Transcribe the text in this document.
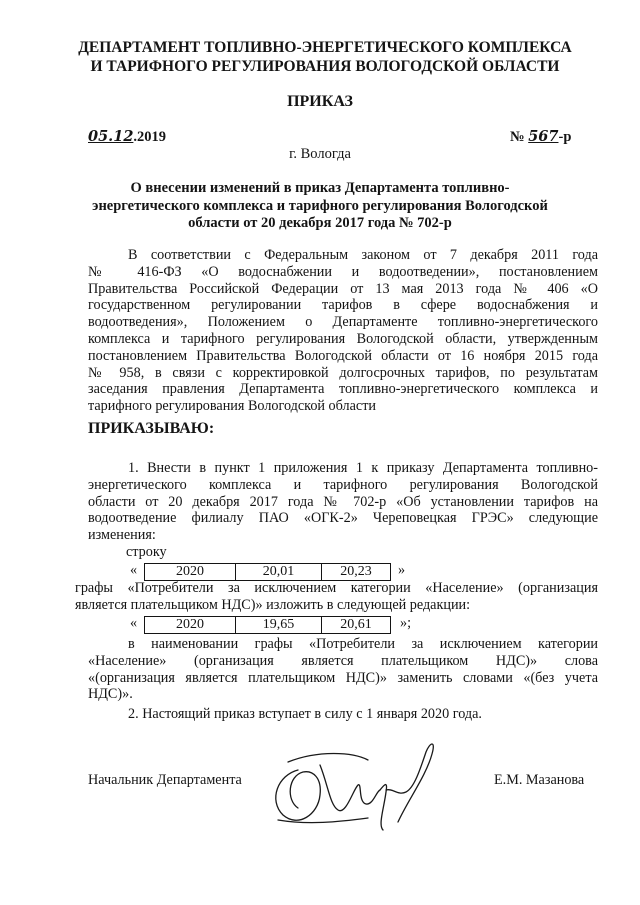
ДЕПАРТАМЕНТ ТОПЛИВНО-ЭНЕРГЕТИЧЕСКОГО КОМПЛЕКСА
И ТАРИФНОГО РЕГУЛИРОВАНИЯ ВОЛОГОДСКОЙ ОБЛАСТИ
ПРИКАЗ
05.12.2019	№ 567-р
г. Вологда
О внесении изменений в приказ Департамента топливно-
энергетического комплекса и тарифного регулирования Вологодской
области от 20 декабря 2017 года № 702-р
В соответствии с Федеральным законом от 7 декабря 2011 года
№ 416-ФЗ «О водоснабжении и водоотведении», постановлением
Правительства Российской Федерации от 13 мая 2013 года № 406 «О
государственном регулировании тарифов в сфере водоснабжения и
водоотведения», Положением о Департаменте топливно-энергетического
комплекса и тарифного регулирования Вологодской области, утвержденным
постановлением Правительства Вологодской области от 16 ноября 2015 года
№ 958, в связи с корректировкой долгосрочных тарифов, по результатам
заседания правления Департамента топливно-энергетического комплекса и
тарифного регулирования Вологодской области
ПРИКАЗЫВАЮ:
1. Внести в пункт 1 приложения 1 к приказу Департамента топливно-
энергетического комплекса и тарифного регулирования Вологодской
области от 20 декабря 2017 года № 702-р «Об установлении тарифов на
водоотведение филиалу ПАО «ОГК-2» Череповецкая ГРЭС» следующие
изменения:
строку
«	2020	20,01	20,23 »
графы «Потребители за исключением категории «Население» (организация
является плательщиком НДС)» изложить в следующей редакции:
«	2020	19,65	20,61 »;
в наименовании графы «Потребители за исключением категории
«Население» (организация является плательщиком НДС)» слова
«(организация является плательщиком НДС)» заменить словами «(без учета
НДС)».
2. Настоящий приказ вступает в силу с 1 января 2020 года.
Начальник Департамента	Е.М. Мазанова
